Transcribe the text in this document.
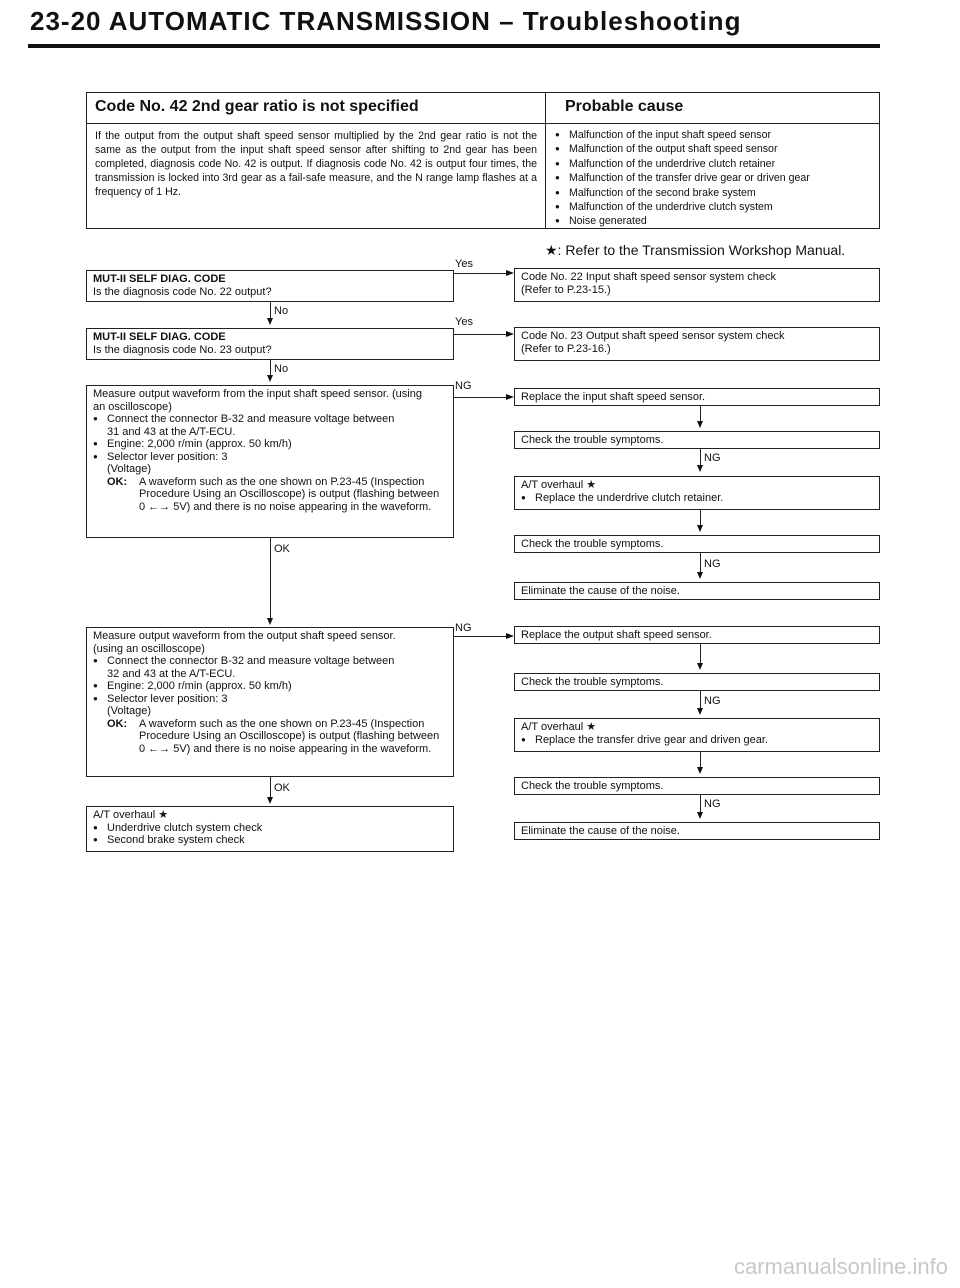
23-20 AUTOMATIC TRANSMISSION – Troubleshooting
Code No. 42 2nd gear ratio is not specified	Probable cause
If the output from the output shaft speed sensor multiplied by the 2nd gear ratio is not the same as the output from the input shaft speed sensor after shifting to 2nd gear has been completed, diagnosis code No. 42 is output. If diagnosis code No. 42 is output four times, the transmission is locked into 3rd gear as a fail-safe measure, and the N range lamp flashes at a frequency of 1 Hz.
● Malfunction of the input shaft speed sensor
● Malfunction of the output shaft speed sensor
● Malfunction of the underdrive clutch retainer
● Malfunction of the transfer drive gear or driven gear
● Malfunction of the second brake system
● Malfunction of the underdrive clutch system
● Noise generated
★: Refer to the Transmission Workshop Manual.
MUT-II SELF DIAG. CODE
Is the diagnosis code No. 22 output?
Yes
Code No. 22 Input shaft speed sensor system check
(Refer to P.23-15.)
No
MUT-II SELF DIAG. CODE
Is the diagnosis code No. 23 output?
Yes
Code No. 23 Output shaft speed sensor system check
(Refer to P.23-16.)
No
Measure output waveform from the input shaft speed sensor. (using
an oscilloscope)
● Connect the connector B-32 and measure voltage between
31 and 43 at the A/T-ECU.
● Engine: 2,000 r/min (approx. 50 km/h)
● Selector lever position: 3
(Voltage)
OK:	A waveform such as the one shown on P.23-45 (Inspection Procedure Using an Oscilloscope) is output (flashing between 0 ←→ 5V) and there is no noise appearing in the waveform.
NG
Replace the input shaft speed sensor.
Check the trouble symptoms.
NG
A/T overhaul ★
● Replace the underdrive clutch retainer.
Check the trouble symptoms.
NG
Eliminate the cause of the noise.
OK
Measure output waveform from the output shaft speed sensor.
(using an oscilloscope)
● Connect the connector B-32 and measure voltage between
32 and 43 at the A/T-ECU.
● Engine: 2,000 r/min (approx. 50 km/h)
● Selector lever position: 3
(Voltage)
OK:	A waveform such as the one shown on P.23-45 (Inspection Procedure Using an Oscilloscope) is output (flashing between 0 ←→ 5V) and there is no noise appearing in the waveform.
NG
Replace the output shaft speed sensor.
Check the trouble symptoms.
NG
A/T overhaul ★
● Replace the transfer drive gear and driven gear.
Check the trouble symptoms.
NG
Eliminate the cause of the noise.
OK
A/T overhaul ★
● Underdrive clutch system check
● Second brake system check
carmanualsonline.info
